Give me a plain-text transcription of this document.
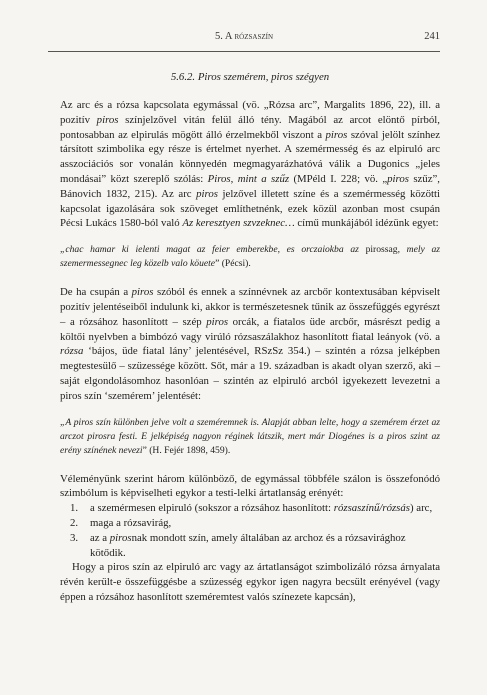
5. A rózsaszín	241
5.6.2. Piros szemérem, piros szégyen

Az arc és a rózsa kapcsolata egymással (vö. „Rózsa arc”, Margalits 1896, 22), ill. a pozitív piros színjelzővel vitán felül álló tény. Magából az arcot elöntő pírból, pontosabban az elpirulás mögött álló érzelmekből viszont a piros szóval jelölt színhez társított szimbolika egy része is értelmet nyerhet. A szemérmesség és az elpiruló arc asszociációs sor vonalán könnyedén megmagyarázhatóvá válik a Dugonics „jeles mondásai” közt szereplő szólás: Piros, mint a szűz (MPéld I. 228; vö. „piros szűz”, Bánovich 1832, 215). Az arc piros jelzővel illetett színe és a szemérmesség közötti kapcsolat igazolására sok szöveget említhetnénk, ezek közül azonban most csupán Pécsi Lukács 1580-ból való Az keresztyen szvzeknec… című munkájából idézünk egyet:

„chac hamar ki ielenti magat az feier emberekbe, es orczaiokba az pirossag, mely az szemermessegnec leg közelb valo köuete” (Pécsi).

De ha csupán a piros szóból és ennek a színnévnek az arcbőr kontextusában képviselt pozitív jelentéseiből indulunk ki, akkor is természetesnek tűnik az összefüggés egyrészt – a rózsához hasonlított – szép piros orcák, a fiatalos üde arcbőr, másrészt pedig a költői nyelvben a bimbózó vagy virúló rózsaszálakhoz hasonlított fiatal leányok (vö. a rózsa ‘bájos, üde fiatal lány’ jelentésével, RSzSz 354.) – szintén a rózsa jelképben megtestesülő – szüzessége között. Sőt, már a 19. században is akadt olyan szerző, aki – saját elgondolásomhoz hasonlóan – szintén az elpiruló arcból igyekezett levezetni a piros szín ‘szemérem’ jelentését:

„A piros szín különben jelve volt a szeméremnek is. Alapját abban lelte, hogy a szemérem érzet az arczot pirosra festi. E jelképiség nagyon réginek látszik, mert már Diogénes is a piros szint az erény színének nevezi” (H. Fejér 1898, 459).

Véleményünk szerint három különböző, de egymással többféle szálon is összefonódó szimbólum is képviselheti egykor a testi-lelki ártatlanság erényét:

1. a szemérmesen elpiruló (sokszor a rózsához hasonlított: rózsaszínű/rózsás) arc,
2. maga a rózsavirág,
3. az a pirosnak mondott szín, amely általában az archoz és a rózsavirághoz kötődik.

Hogy a piros szín az elpiruló arc vagy az ártatlanságot szimbolizáló rózsa árnyalata révén került-e összefüggésbe a szüzesség egykor igen nagyra becsült erényével (vagy éppen a rózsához hasonlított szeméremtest valós színezete kapcsán),
